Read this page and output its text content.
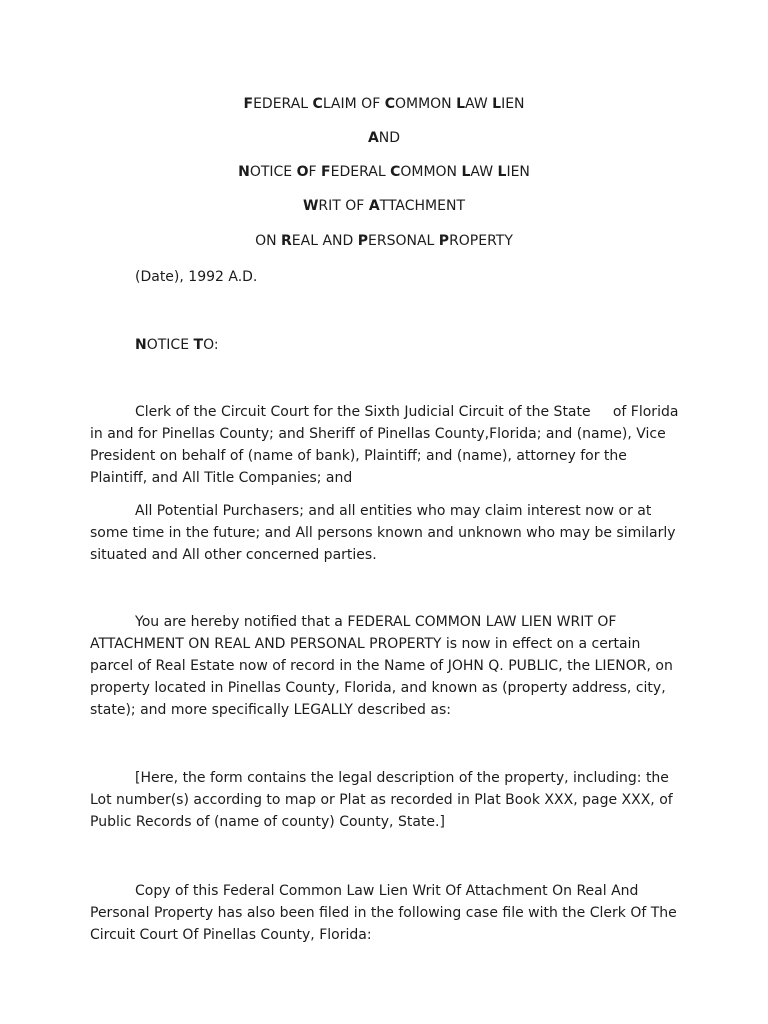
FEDERAL CLAIM OF COMMON LAW LIEN
AND
NOTICE OF FEDERAL COMMON LAW LIEN
WRIT OF ATTACHMENT
ON REAL AND PERSONAL PROPERTY
(Date), 1992 A.D.
NOTICE TO:

Clerk of the Circuit Court for the Sixth Judicial Circuit of the State     of Florida in and for Pinellas County; and Sheriff of Pinellas County,Florida; and (name), Vice President on behalf of (name of bank), Plaintiff; and (name), attorney for the Plaintiff, and All Title Companies; and

All Potential Purchasers; and all entities who may claim interest now or at some time in the future; and All persons known and unknown who may be similarly situated and All other concerned parties.

You are hereby notified that a FEDERAL COMMON LAW LIEN WRIT OF ATTACHMENT ON REAL AND PERSONAL PROPERTY is now in effect on a certain parcel of Real Estate now of record in the Name of JOHN Q. PUBLIC, the LIENOR, on property located in Pinellas County, Florida, and known as (property address, city, state); and more specifically LEGALLY described as:

[Here, the form contains the legal description of the property, including: the Lot number(s) according to map or Plat as recorded in Plat Book XXX, page XXX, of Public Records of (name of county) County, State.]

Copy of this Federal Common Law Lien Writ Of Attachment On Real And Personal Property has also been filed in the following case file with the Clerk Of The Circuit Court Of Pinellas County, Florida:
